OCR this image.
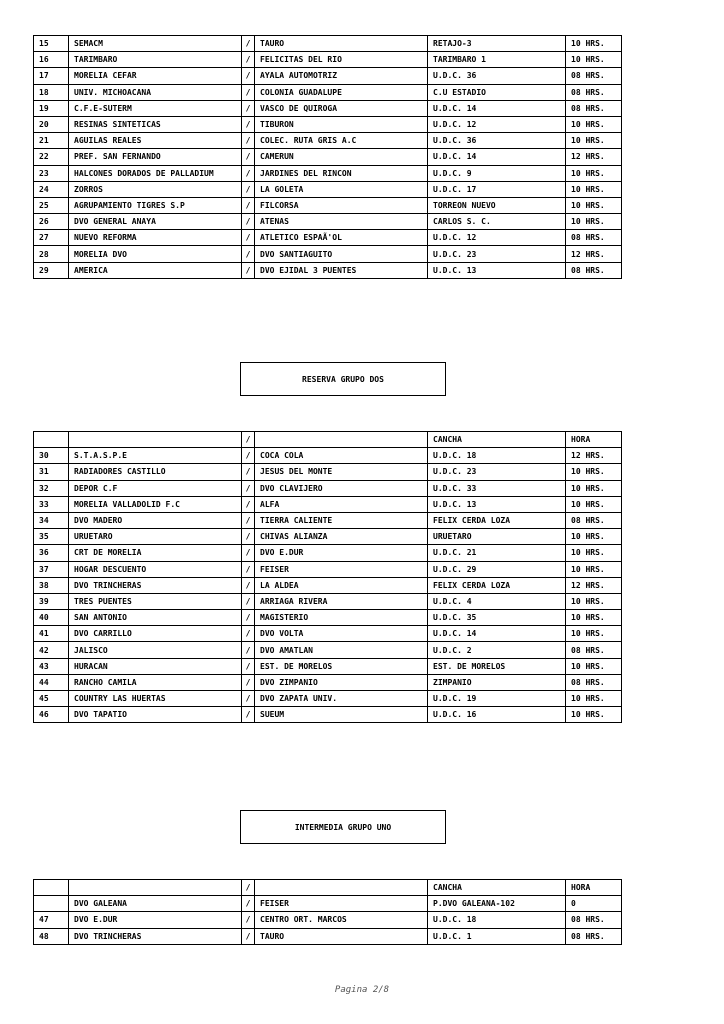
15	SEMACM	/	TAURO	RETAJO-3	10 HRS.
16	TARIMBARO	/	FELICITAS DEL RIO	TARIMBARO 1	10 HRS.
17	MORELIA CEFAR	/	AYALA AUTOMOTRIZ	U.D.C. 36	08 HRS.
18	UNIV. MICHOACANA	/	COLONIA GUADALUPE	C.U ESTADIO	08 HRS.
19	C.F.E-SUTERM	/	VASCO DE QUIROGA	U.D.C. 14	08 HRS.
20	RESINAS SINTETICAS	/	TIBURON	U.D.C. 12	10 HRS.
21	AGUILAS REALES	/	COLEC. RUTA GRIS A.C	U.D.C. 36	10 HRS.
22	PREF. SAN FERNANDO	/	CAMERUN	U.D.C. 14	12 HRS.
23	HALCONES DORADOS DE PALLADIUM	/	JARDINES DEL RINCON	U.D.C. 9	10 HRS.
24	ZORROS	/	LA GOLETA	U.D.C. 17	10 HRS.
25	AGRUPAMIENTO TIGRES S.P	/	FILCORSA	TORREON NUEVO	10 HRS.
26	DVO GENERAL ANAYA	/	ATENAS	CARLOS S. C.	10 HRS.
27	NUEVO REFORMA	/	ATLETICO ESPAÃ'OL	U.D.C. 12	08 HRS.
28	MORELIA DVO	/	DVO SANTIAGUITO	U.D.C. 23	12 HRS.
29	AMERICA	/	DVO EJIDAL 3 PUENTES	U.D.C. 13	08 HRS.
RESERVA GRUPO DOS
		/		CANCHA	HORA
30	S.T.A.S.P.E	/	COCA COLA	U.D.C. 18	12 HRS.
31	RADIADORES CASTILLO	/	JESUS DEL MONTE	U.D.C. 23	10 HRS.
32	DEPOR C.F	/	DVO CLAVIJERO	U.D.C. 33	10 HRS.
33	MORELIA VALLADOLID F.C	/	ALFA	U.D.C. 13	10 HRS.
34	DVO MADERO	/	TIERRA CALIENTE	FELIX CERDA LOZA	08 HRS.
35	URUETARO	/	CHIVAS ALIANZA	URUETARO	10 HRS.
36	CRT DE MORELIA	/	DVO E.DUR	U.D.C. 21	10 HRS.
37	HOGAR DESCUENTO	/	FEISER	U.D.C. 29	10 HRS.
38	DVO TRINCHERAS	/	LA ALDEA	FELIX CERDA LOZA	12 HRS.
39	TRES PUENTES	/	ARRIAGA RIVERA	U.D.C. 4	10 HRS.
40	SAN ANTONIO	/	MAGISTERIO	U.D.C. 35	10 HRS.
41	DVO CARRILLO	/	DVO VOLTA	U.D.C. 14	10 HRS.
42	JALISCO	/	DVO AMATLAN	U.D.C. 2	08 HRS.
43	HURACAN	/	EST. DE MORELOS	EST. DE MORELOS	10 HRS.
44	RANCHO CAMILA	/	DVO ZIMPANIO	ZIMPANIO	08 HRS.
45	COUNTRY LAS HUERTAS	/	DVO ZAPATA UNIV.	U.D.C. 19	10 HRS.
46	DVO TAPATIO	/	SUEUM	U.D.C. 16	10 HRS.
INTERMEDIA GRUPO UNO
		/		CANCHA	HORA
	DVO GALEANA	/	FEISER	P.DVO GALEANA-102	0
47	DVO E.DUR	/	CENTRO ORT. MARCOS	U.D.C. 18	08 HRS.
48	DVO TRINCHERAS	/	TAURO	U.D.C. 1	08 HRS.
Pagina 2/8
